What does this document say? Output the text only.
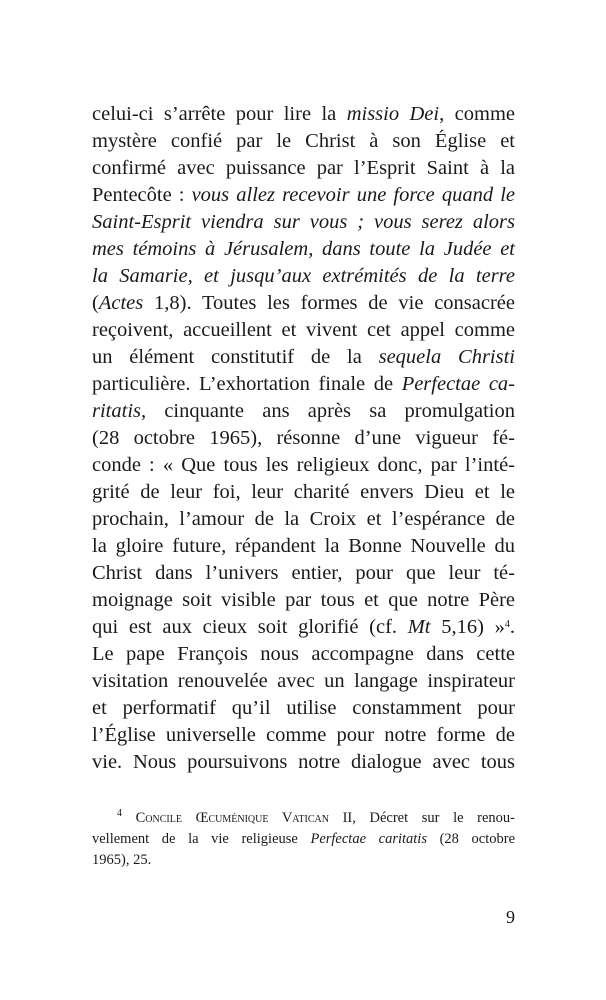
celui-ci s’arrête pour lire la missio Dei, comme
mystère confié par le Christ à son Église et
confirmé avec puissance par l’Esprit Saint à la
Pentecôte : vous allez recevoir une force quand le
Saint-Esprit viendra sur vous ; vous serez alors
mes témoins à Jérusalem, dans toute la Judée et
la Samarie, et jusqu’aux extrémités de la terre
(Actes 1,8). Toutes les formes de vie consacrée
reçoivent, accueillent et vivent cet appel comme
un élément constitutif de la sequela Christi
particulière. L’exhortation finale de Perfectae ca-
ritatis, cinquante ans après sa promulgation
(28 octobre 1965), résonne d’une vigueur fé-
conde : « Que tous les religieux donc, par l’inté-
grité de leur foi, leur charité envers Dieu et le
prochain, l’amour de la Croix et l’espérance de
la gloire future, répandent la Bonne Nouvelle du
Christ dans l’univers entier, pour que leur té-
moignage soit visible par tous et que notre Père
qui est aux cieux soit glorifié (cf. Mt 5,16) »$^4$.
Le pape François nous accompagne dans cette
visitation renouvelée avec un langage inspirateur
et performatif qu’il utilise constamment pour
l’Église universelle comme pour notre forme de
vie. Nous poursuivons notre dialogue avec tous
$^4$ Concile Œcuménique Vatican II, Décret sur le renou-
vellement de la vie religieuse Perfectae caritatis (28 octobre
1965), 25.
9
